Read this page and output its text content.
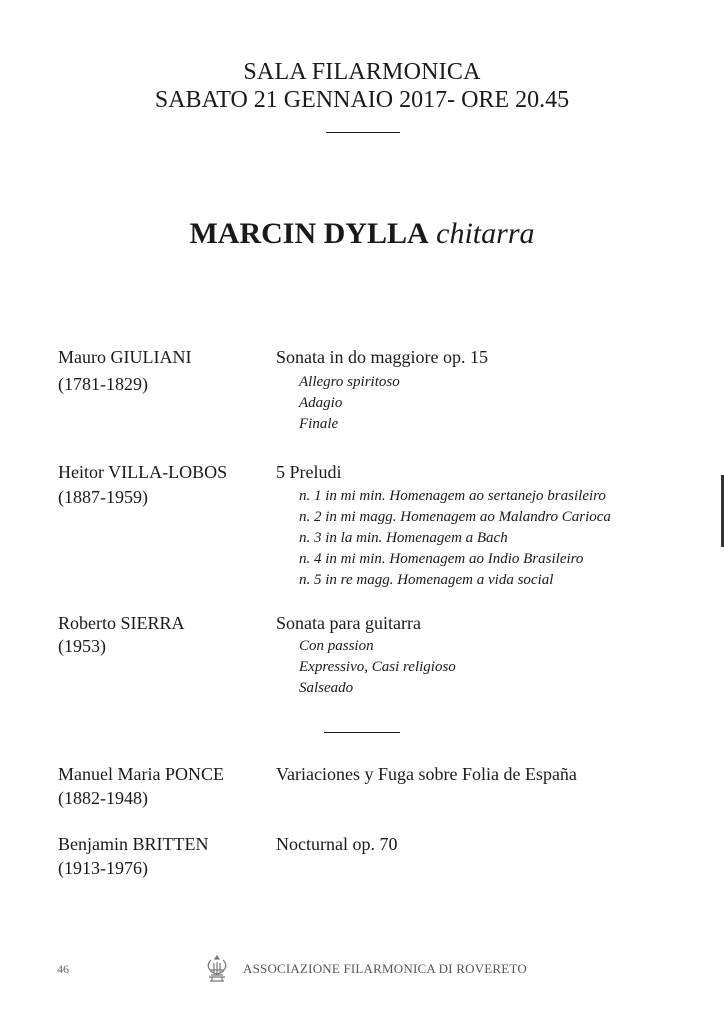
SALA FILARMONICA
SABATO 21 GENNAIO 2017- ORE 20.45
MARCIN DYLLA chitarra
Mauro GIULIANI
(1781-1829)
Sonata in do maggiore op. 15
Allegro spiritoso
Adagio
Finale
Heitor VILLA-LOBOS
(1887-1959)
5 Preludi
n. 1 in mi min. Homenagem ao sertanejo brasileiro
n. 2 in mi magg. Homenagem ao Malandro Carioca
n. 3 in la min. Homenagem a Bach
n. 4 in mi min. Homenagem ao Indio Brasileiro
n. 5 in re magg. Homenagem a vida social
Roberto SIERRA
(1953)
Sonata para guitarra
Con passion
Expressivo, Casi religioso
Salseado
Manuel Maria PONCE
(1882-1948)
Variaciones y Fuga sobre Folia de España
Benjamin BRITTEN
(1913-1976)
Nocturnal op. 70
46	ASSOCIAZIONE FILARMONICA DI ROVERETO
